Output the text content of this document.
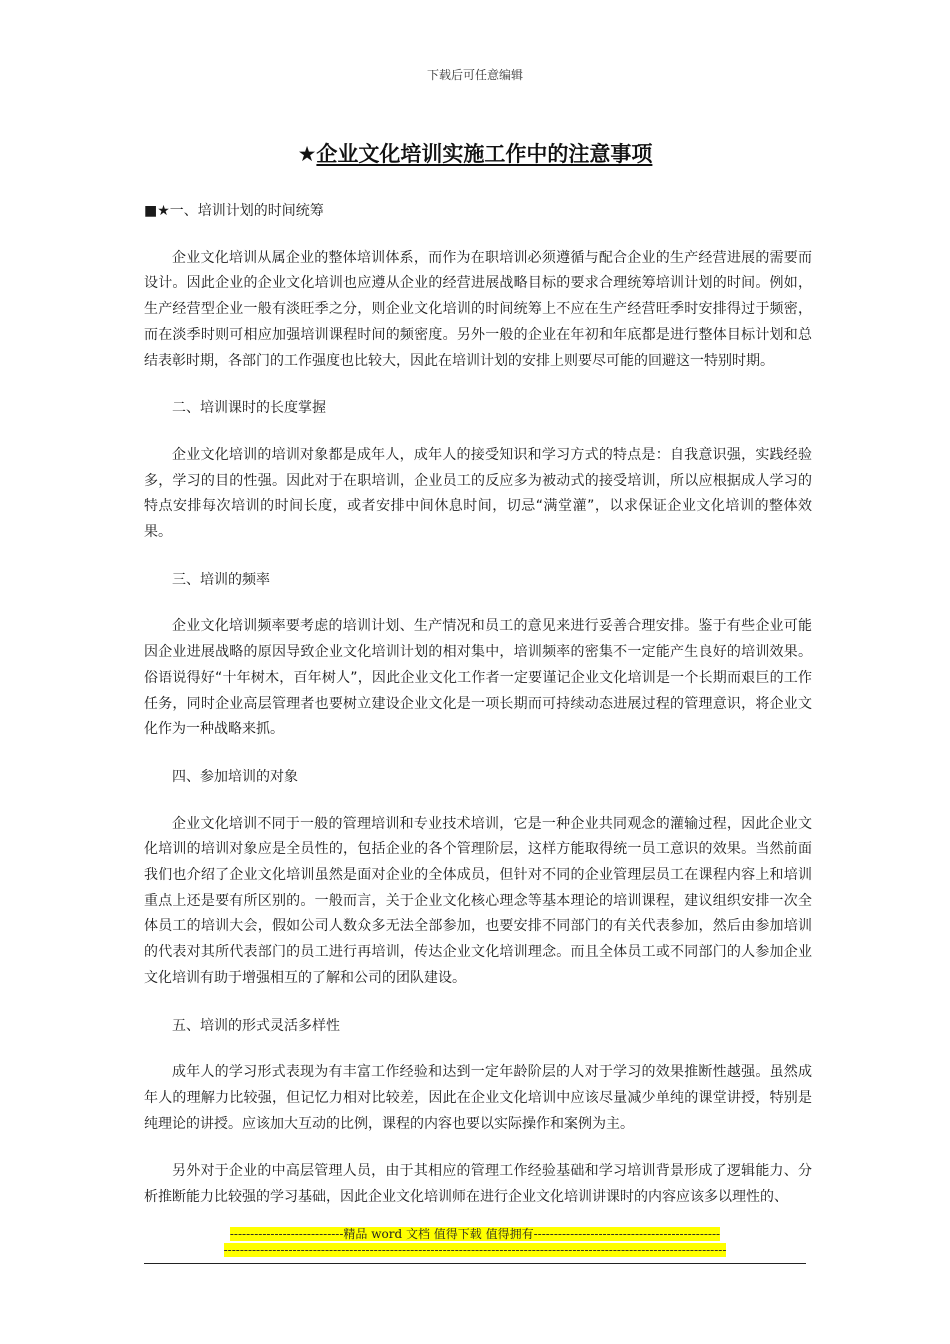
下载后可任意编辑
★企业文化培训实施工作中的注意事项
■★一、培训计划的时间统筹

企业文化培训从属企业的整体培训体系，而作为在职培训必须遵循与配合企业的生产经营进展的需要而设计。因此企业的企业文化培训也应遵从企业的经营进展战略目标的要求合理统筹培训计划的时间。例如，生产经营型企业一般有淡旺季之分，则企业文化培训的时间统筹上不应在生产经营旺季时安排得过于频密，而在淡季时则可相应加强培训课程时间的频密度。另外一般的企业在年初和年底都是进行整体目标计划和总结表彰时期，各部门的工作强度也比较大，因此在培训计划的安排上则要尽可能的回避这一特别时期。

二、培训课时的长度掌握

企业文化培训的培训对象都是成年人，成年人的接受知识和学习方式的特点是：自我意识强，实践经验多，学习的目的性强。因此对于在职培训，企业员工的反应多为被动式的接受培训，所以应根据成人学习的特点安排每次培训的时间长度，或者安排中间休息时间，切忌“满堂灌”，以求保证企业文化培训的整体效果。

三、培训的频率

企业文化培训频率要考虑的培训计划、生产情况和员工的意见来进行妥善合理安排。鉴于有些企业可能因企业进展战略的原因导致企业文化培训计划的相对集中，培训频率的密集不一定能产生良好的培训效果。俗语说得好“十年树木，百年树人”，因此企业文化工作者一定要谨记企业文化培训是一个长期而艰巨的工作任务，同时企业高层管理者也要树立建设企业文化是一项长期而可持续动态进展过程的管理意识，将企业文化作为一种战略来抓。

四、参加培训的对象

企业文化培训不同于一般的管理培训和专业技术培训，它是一种企业共同观念的灌输过程，因此企业文化培训的培训对象应是全员性的，包括企业的各个管理阶层，这样方能取得统一员工意识的效果。当然前面我们也介绍了企业文化培训虽然是面对企业的全体成员，但针对不同的企业管理层员工在课程内容上和培训重点上还是要有所区别的。一般而言，关于企业文化核心理念等基本理论的培训课程，建议组织安排一次全体员工的培训大会，假如公司人数众多无法全部参加，也要安排不同部门的有关代表参加，然后由参加培训的代表对其所代表部门的员工进行再培训，传达企业文化培训理念。而且全体员工或不同部门的人参加企业文化培训有助于增强相互的了解和公司的团队建设。

五、培训的形式灵活多样性

成年人的学习形式表现为有丰富工作经验和达到一定年龄阶层的人对于学习的效果推断性越强。虽然成年人的理解力比较强，但记忆力相对比较差，因此在企业文化培训中应该尽量减少单纯的课堂讲授，特别是纯理论的讲授。应该加大互动的比例，课程的内容也要以实际操作和案例为主。

另外对于企业的中高层管理人员，由于其相应的管理工作经验基础和学习培训背景形成了逻辑能力、分析推断能力比较强的学习基础，因此企业文化培训师在进行企业文化培训讲课时的内容应该多以理性的、

----------------------------精品 word 文档 值得下载 值得拥有----------------------------------------------
----------------------------------------------------------------------------------------------------------------------------
